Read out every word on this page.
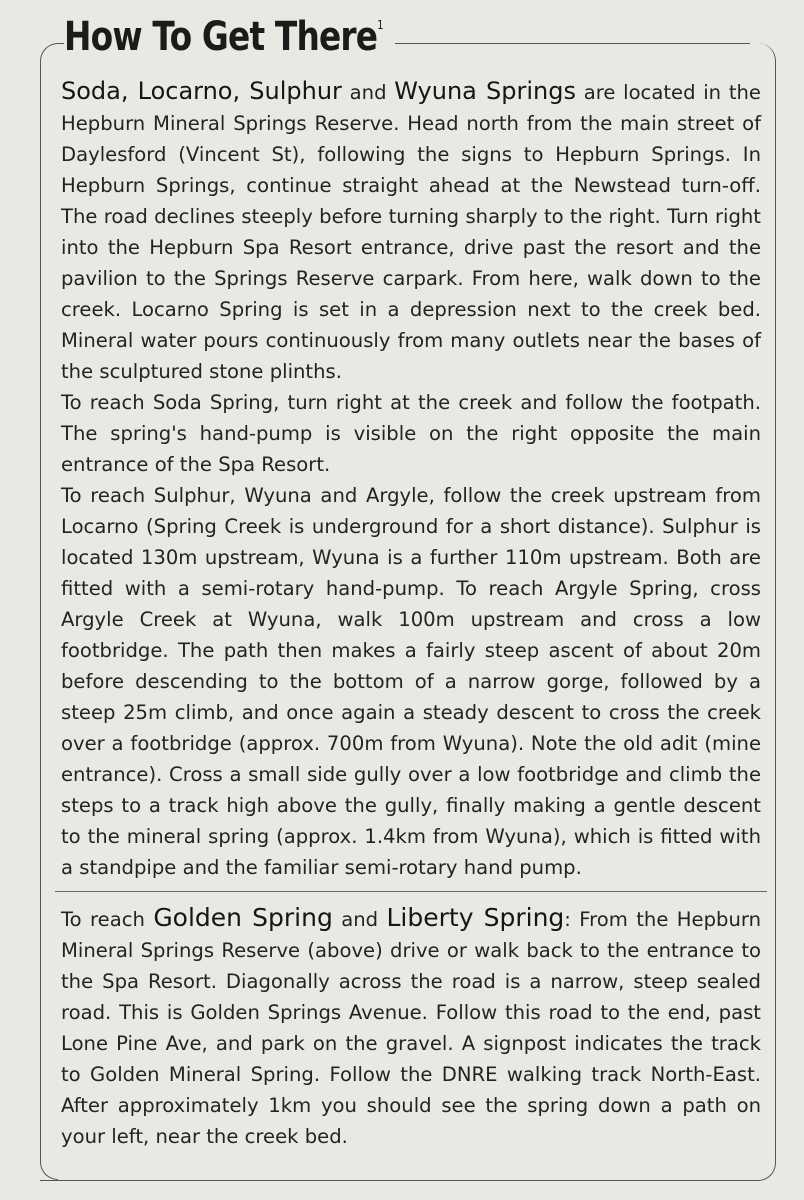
How To Get There$^1$

Soda, Locarno, Sulphur and Wyuna Springs are located in the Hepburn Mineral Springs Reserve. Head north from the main street of Daylesford (Vincent St), following the signs to Hepburn Springs. In Hepburn Springs, continue straight ahead at the Newstead turn-off. The road declines steeply before turning sharply to the right. Turn right into the Hepburn Spa Resort entrance, drive past the resort and the pavilion to the Springs Reserve carpark. From here, walk down to the creek. Locarno Spring is set in a depression next to the creek bed. Mineral water pours continuously from many outlets near the bases of the sculptured stone plinths.

To reach Soda Spring, turn right at the creek and follow the footpath. The spring's hand-pump is visible on the right opposite the main entrance of the Spa Resort.

To reach Sulphur, Wyuna and Argyle, follow the creek upstream from Locarno (Spring Creek is underground for a short distance). Sulphur is located 130m upstream, Wyuna is a further 110m upstream. Both are fitted with a semi-rotary hand-pump. To reach Argyle Spring, cross Argyle Creek at Wyuna, walk 100m upstream and cross a low footbridge. The path then makes a fairly steep ascent of about 20m before descending to the bottom of a narrow gorge, followed by a steep 25m climb, and once again a steady descent to cross the creek over a footbridge (approx. 700m from Wyuna). Note the old adit (mine entrance). Cross a small side gully over a low footbridge and climb the steps to a track high above the gully, finally making a gentle descent to the mineral spring (approx. 1.4km from Wyuna), which is fitted with a standpipe and the familiar semi-rotary hand pump.

To reach Golden Spring and Liberty Spring: From the Hepburn Mineral Springs Reserve (above) drive or walk back to the entrance to the Spa Resort. Diagonally across the road is a narrow, steep sealed road. This is Golden Springs Avenue. Follow this road to the end, past Lone Pine Ave, and park on the gravel. A signpost indicates the track to Golden Mineral Spring. Follow the DNRE walking track North-East. After approximately 1km you should see the spring down a path on your left, near the creek bed.
